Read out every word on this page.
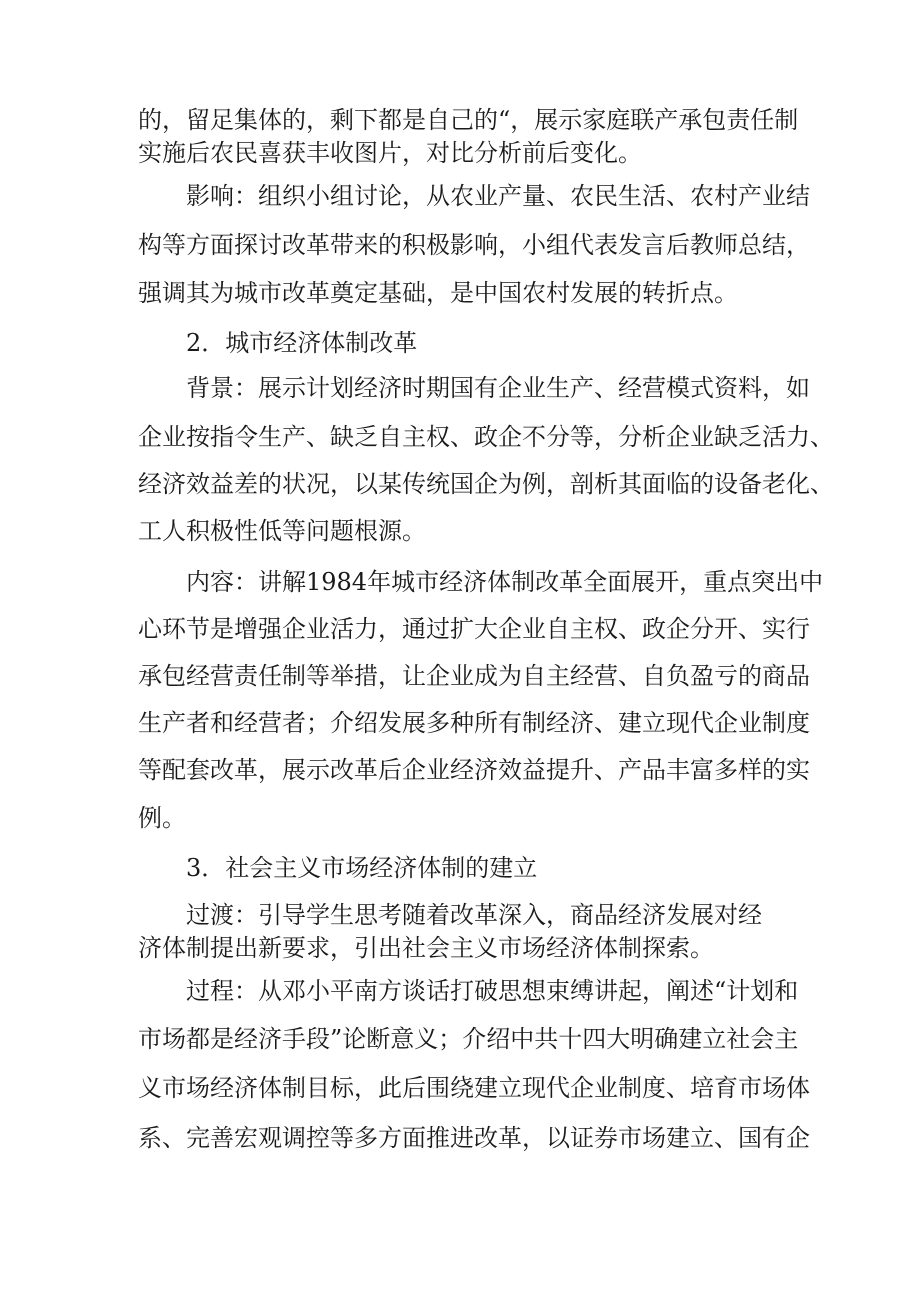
的，留足集体的，剩下都是自己的“，展示家庭联产承包责任制
实施后农民喜获丰收图片，对比分析前后变化。
影响：组织小组讨论，从农业产量、农民生活、农村产业结
构等方面探讨改革带来的积极影响，小组代表发言后教师总结，
强调其为城市改革奠定基础，是中国农村发展的转折点。
2．城市经济体制改革
背景：展示计划经济时期国有企业生产、经营模式资料，如
企业按指令生产、缺乏自主权、政企不分等，分析企业缺乏活力、
经济效益差的状况，以某传统国企为例，剖析其面临的设备老化、
工人积极性低等问题根源。
内容：讲解1984年城市经济体制改革全面展开，重点突出中
心环节是增强企业活力，通过扩大企业自主权、政企分开、实行
承包经营责任制等举措，让企业成为自主经营、自负盈亏的商品
生产者和经营者；介绍发展多种所有制经济、建立现代企业制度
等配套改革，展示改革后企业经济效益提升、产品丰富多样的实
例。
3．社会主义市场经济体制的建立
过渡：引导学生思考随着改革深入，商品经济发展对经
济体制提出新要求，引出社会主义市场经济体制探索。
过程：从邓小平南方谈话打破思想束缚讲起，阐述“计划和
市场都是经济手段”论断意义；介绍中共十四大明确建立社会主
义市场经济体制目标，此后围绕建立现代企业制度、培育市场体
系、完善宏观调控等多方面推进改革，以证券市场建立、国有企
